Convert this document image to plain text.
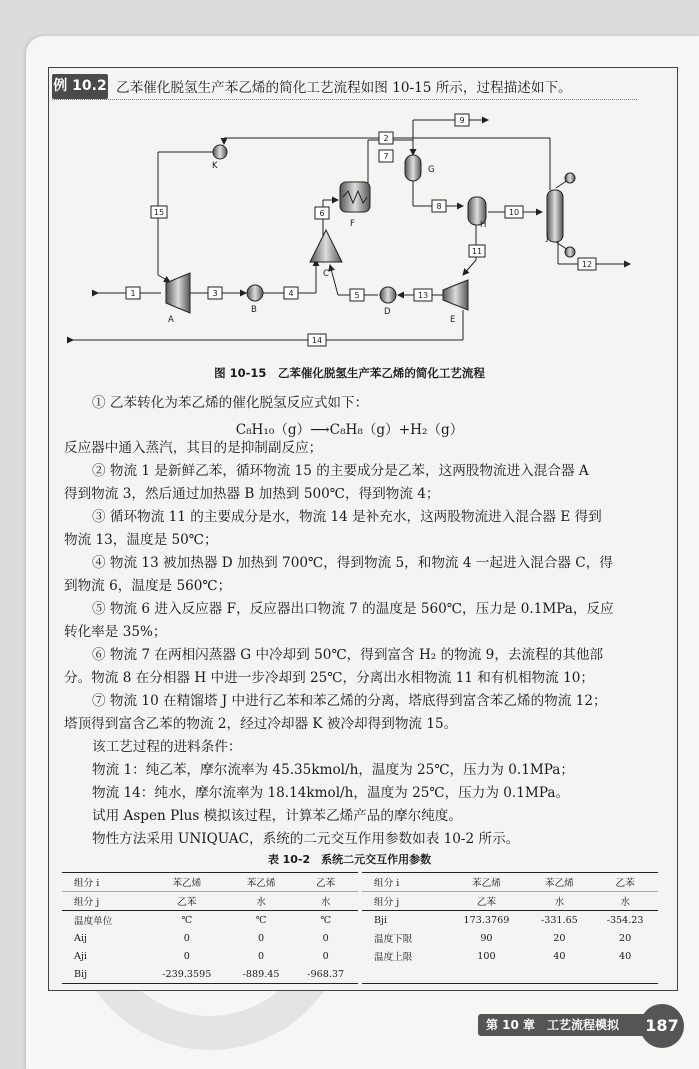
例 10.2 乙苯催化脱氢生产苯乙烯的简化工艺流程如图 10-15 所示，过程描述如下。
A
B
C
D
E
F
G
H
J
K
1
2
3	4	5
6
7
8
9
10
11
12
13
14
15
图 10-15　乙苯催化脱氢生产苯乙烯的简化工艺流程
① 乙苯转化为苯乙烯的催化脱氢反应式如下：
C₈H₁₀（g）⟶C₈H₈（g）+H₂（g）
反应器中通入蒸汽，其目的是抑制副反应；
② 物流 1 是新鲜乙苯，循环物流 15 的主要成分是乙苯，这两股物流进入混合器 A
得到物流 3，然后通过加热器 B 加热到 500℃，得到物流 4；
③ 循环物流 11 的主要成分是水，物流 14 是补充水，这两股物流进入混合器 E 得到
物流 13，温度是 50℃；
④ 物流 13 被加热器 D 加热到 700℃，得到物流 5，和物流 4 一起进入混合器 C，得
到物流 6，温度是 560℃；
⑤ 物流 6 进入反应器 F，反应器出口物流 7 的温度是 560℃，压力是 0.1MPa，反应
转化率是 35%；
⑥ 物流 7 在两相闪蒸器 G 中冷却到 50℃，得到富含 H₂ 的物流 9，去流程的其他部
分。物流 8 在分相器 H 中进一步冷却到 25℃，分离出水相物流 11 和有机相物流 10；
⑦ 物流 10 在精馏塔 J 中进行乙苯和苯乙烯的分离，塔底得到富含苯乙烯的物流 12；
塔顶得到富含乙苯的物流 2，经过冷却器 K 被冷却得到物流 15。
该工艺过程的进料条件：
物流 1：纯乙苯，摩尔流率为 45.35kmol/h，温度为 25℃，压力为 0.1MPa；
物流 14：纯水，摩尔流率为 18.14kmol/h，温度为 25℃，压力为 0.1MPa。
试用 Aspen Plus 模拟该过程，计算苯乙烯产品的摩尔纯度。
物性方法采用 UNIQUAC，系统的二元交互作用参数如表 10-2 所示。
表 10-2　系统二元交互作用参数
组分 i	苯乙烯	苯乙烯	乙苯
组分 j	乙苯	水	水
温度单位	℃	℃	℃
Aij	0	0	0
Aji	0	0	0
Bij	-239.3595	-889.45	-968.37
组分 i	苯乙烯	苯乙烯	乙苯
组分 j	乙苯	水	水
Bji	173.3769	-331.65	-354.23
温度下限	90	20	20
温度上限	100	40	40

第 10 章　工艺流程模拟	187
